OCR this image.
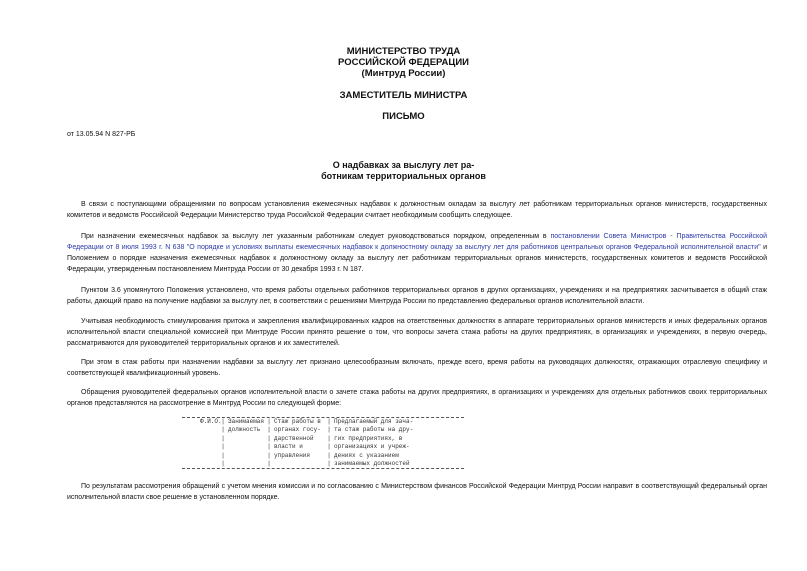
МИНИСТЕРСТВО ТРУДА
РОССИЙСКОЙ ФЕДЕРАЦИИ
(Минтруд России)
ЗАМЕСТИТЕЛЬ МИНИСТРА
ПИСЬМО
от 13.05.94 N 827-РБ
О надбавках за выслугу лет ра-
ботникам территориальных органов
В связи с поступающими обращениями по вопросам установления ежемесячных надбавок к должностным окладам за выслугу лет работникам территориальных органов министерств, государственных комитетов и ведомств Российской Федерации Министерство труда Российской Федерации считает необходимым сообщить следующее.
При назначении ежемесячных надбавок за выслугу лет указанным работникам следует руководствоваться порядком, определенным в постановлении Совета Министров - Правительства Российской Федерации от 8 июля 1993 г. N 638 "О порядке и условиях выплаты ежемесячных надбавок к должностному окладу за выслугу лет для работников центральных органов Федеральной исполнительной власти" и Положением о порядке назначения ежемесячных надбавок к должностному окладу за выслугу лет работникам территориальных органов министерств, государственных комитетов и ведомств Российской Федерации, утвержденным постановлением Минтруда России от 30 декабря 1993 г. N 187.
Пунктом 3.6 упомянутого Положения установлено, что время работы отдельных работников территориальных органов в других организациях, учреждениях и на предприятиях засчитывается в общий стаж работы, дающий право на получение надбавки за выслугу лет, в соответствии с решениями Минтруда России по представлению федеральных органов исполнительной власти.
Учитывая необходимость стимулирования притока и закрепления квалифицированных кадров на ответственных должностях в аппарате территориальных органов министерств и иных федеральных органов исполнительной власти специальной комиссией при Минтруде России принято решение о том, что вопросы зачета стажа работы на других предприятиях, в организациях и учреждениях, в первую очередь, рассматриваются для руководителей территориальных органов и их заместителей.
При этом в стаж работы при назначении надбавки за выслугу лет признано целесообразным включать, прежде всего, время работы на руководящих должностях, отражающих отраслевую специфику и соответствующей квалификационный уровень.
Обращения руководителей федеральных органов исполнительной власти о зачете стажа работы на других предприятиях, в организациях и учреждениях для отдельных работников своих территориальных органов представляются на рассмотрение в Минтруд России по следующей форме:
Ф.И.О. | Занимаемая | Стаж работы в	| Предлагаемый для зача-
| должность	| органах госу-	| та стаж работы на дру-
|	| дарственной	| гих предприятиях, в
|	| власти и	| организациях и учреж-
|	| управления	| дениях с указанием
|	|	| занимаемых должностей
По результатам рассмотрения обращений с учетом мнения комиссии и по согласованию с Министерством финансов Российской Федерации Минтруд России направит в соответствующий федеральный орган исполнительной власти свое решение в установленном порядке.
